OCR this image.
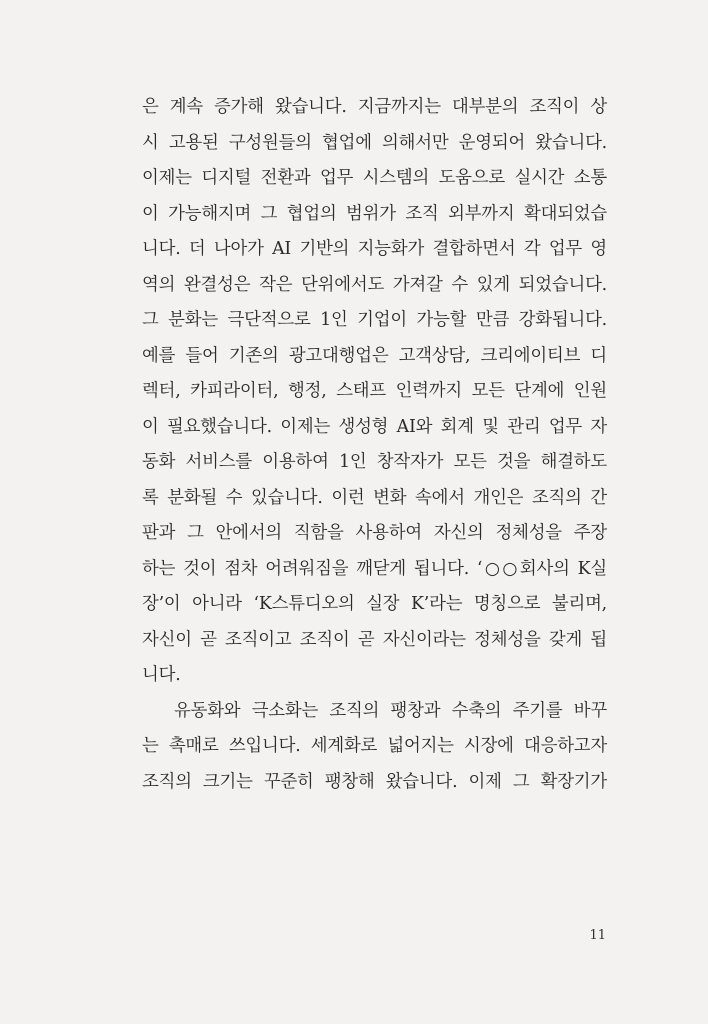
은 계속 증가해 왔습니다. 지금까지는 대부분의 조직이 상
시 고용된 구성원들의 협업에 의해서만 운영되어 왔습니다.
이제는 디지털 전환과 업무 시스템의 도움으로 실시간 소통
이 가능해지며 그 협업의 범위가 조직 외부까지 확대되었습
니다. 더 나아가 AI 기반의 지능화가 결합하면서 각 업무 영
역의 완결성은 작은 단위에서도 가져갈 수 있게 되었습니다.
그 분화는 극단적으로 1인 기업이 가능할 만큼 강화됩니다.
예를 들어 기존의 광고대행업은 고객상담, 크리에이티브 디
렉터, 카피라이터, 행정, 스태프 인력까지 모든 단계에 인원
이 필요했습니다. 이제는 생성형 AI와 회계 및 관리 업무 자
동화 서비스를 이용하여 1인 창작자가 모든 것을 해결하도
록 분화될 수 있습니다. 이런 변화 속에서 개인은 조직의 간
판과 그 안에서의 직함을 사용하여 자신의 정체성을 주장
하는 것이 점차 어려워짐을 깨닫게 됩니다. ‘○○회사의 K실
장’이 아니라 ‘K스튜디오의 실장 K’라는 명칭으로 불리며,
자신이 곧 조직이고 조직이 곧 자신이라는 정체성을 갖게 됩
니다.
유동화와 극소화는 조직의 팽창과 수축의 주기를 바꾸
는 촉매로 쓰입니다. 세계화로 넓어지는 시장에 대응하고자
조직의 크기는 꾸준히 팽창해 왔습니다. 이제 그 확장기가
11
